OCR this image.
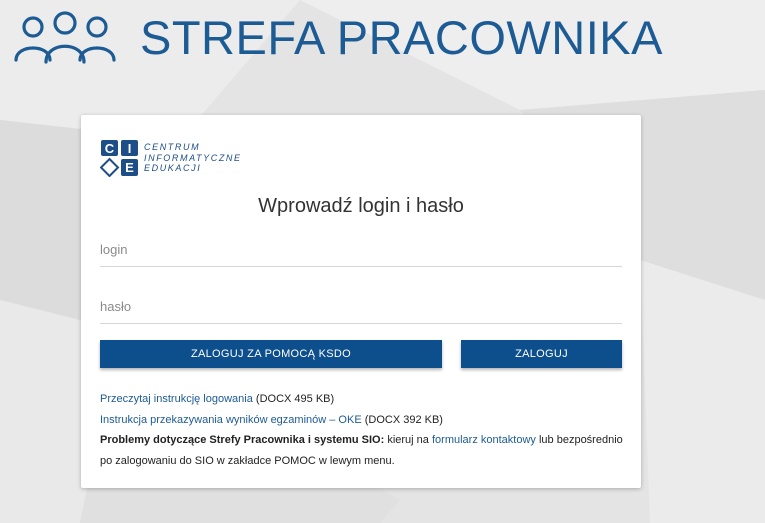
STREFA PRACOWNIKA
C I
E
CENTRUM
INFORMATYCZNE
EDUKACJI
Wprowadź login i hasło
login
ZALOGUJ ZA POMOCĄ KSDO	ZALOGUJ
Przeczytaj instrukcję logowania (DOCX 495 KB)
Instrukcja przekazywania wyników egzaminów – OKE (DOCX 392 KB)
Problemy dotyczące Strefy Pracownika i systemu SIO: kieruj na formularz kontaktowy lub bezpośrednio po zalogowaniu do SIO w zakładce POMOC w lewym menu.
